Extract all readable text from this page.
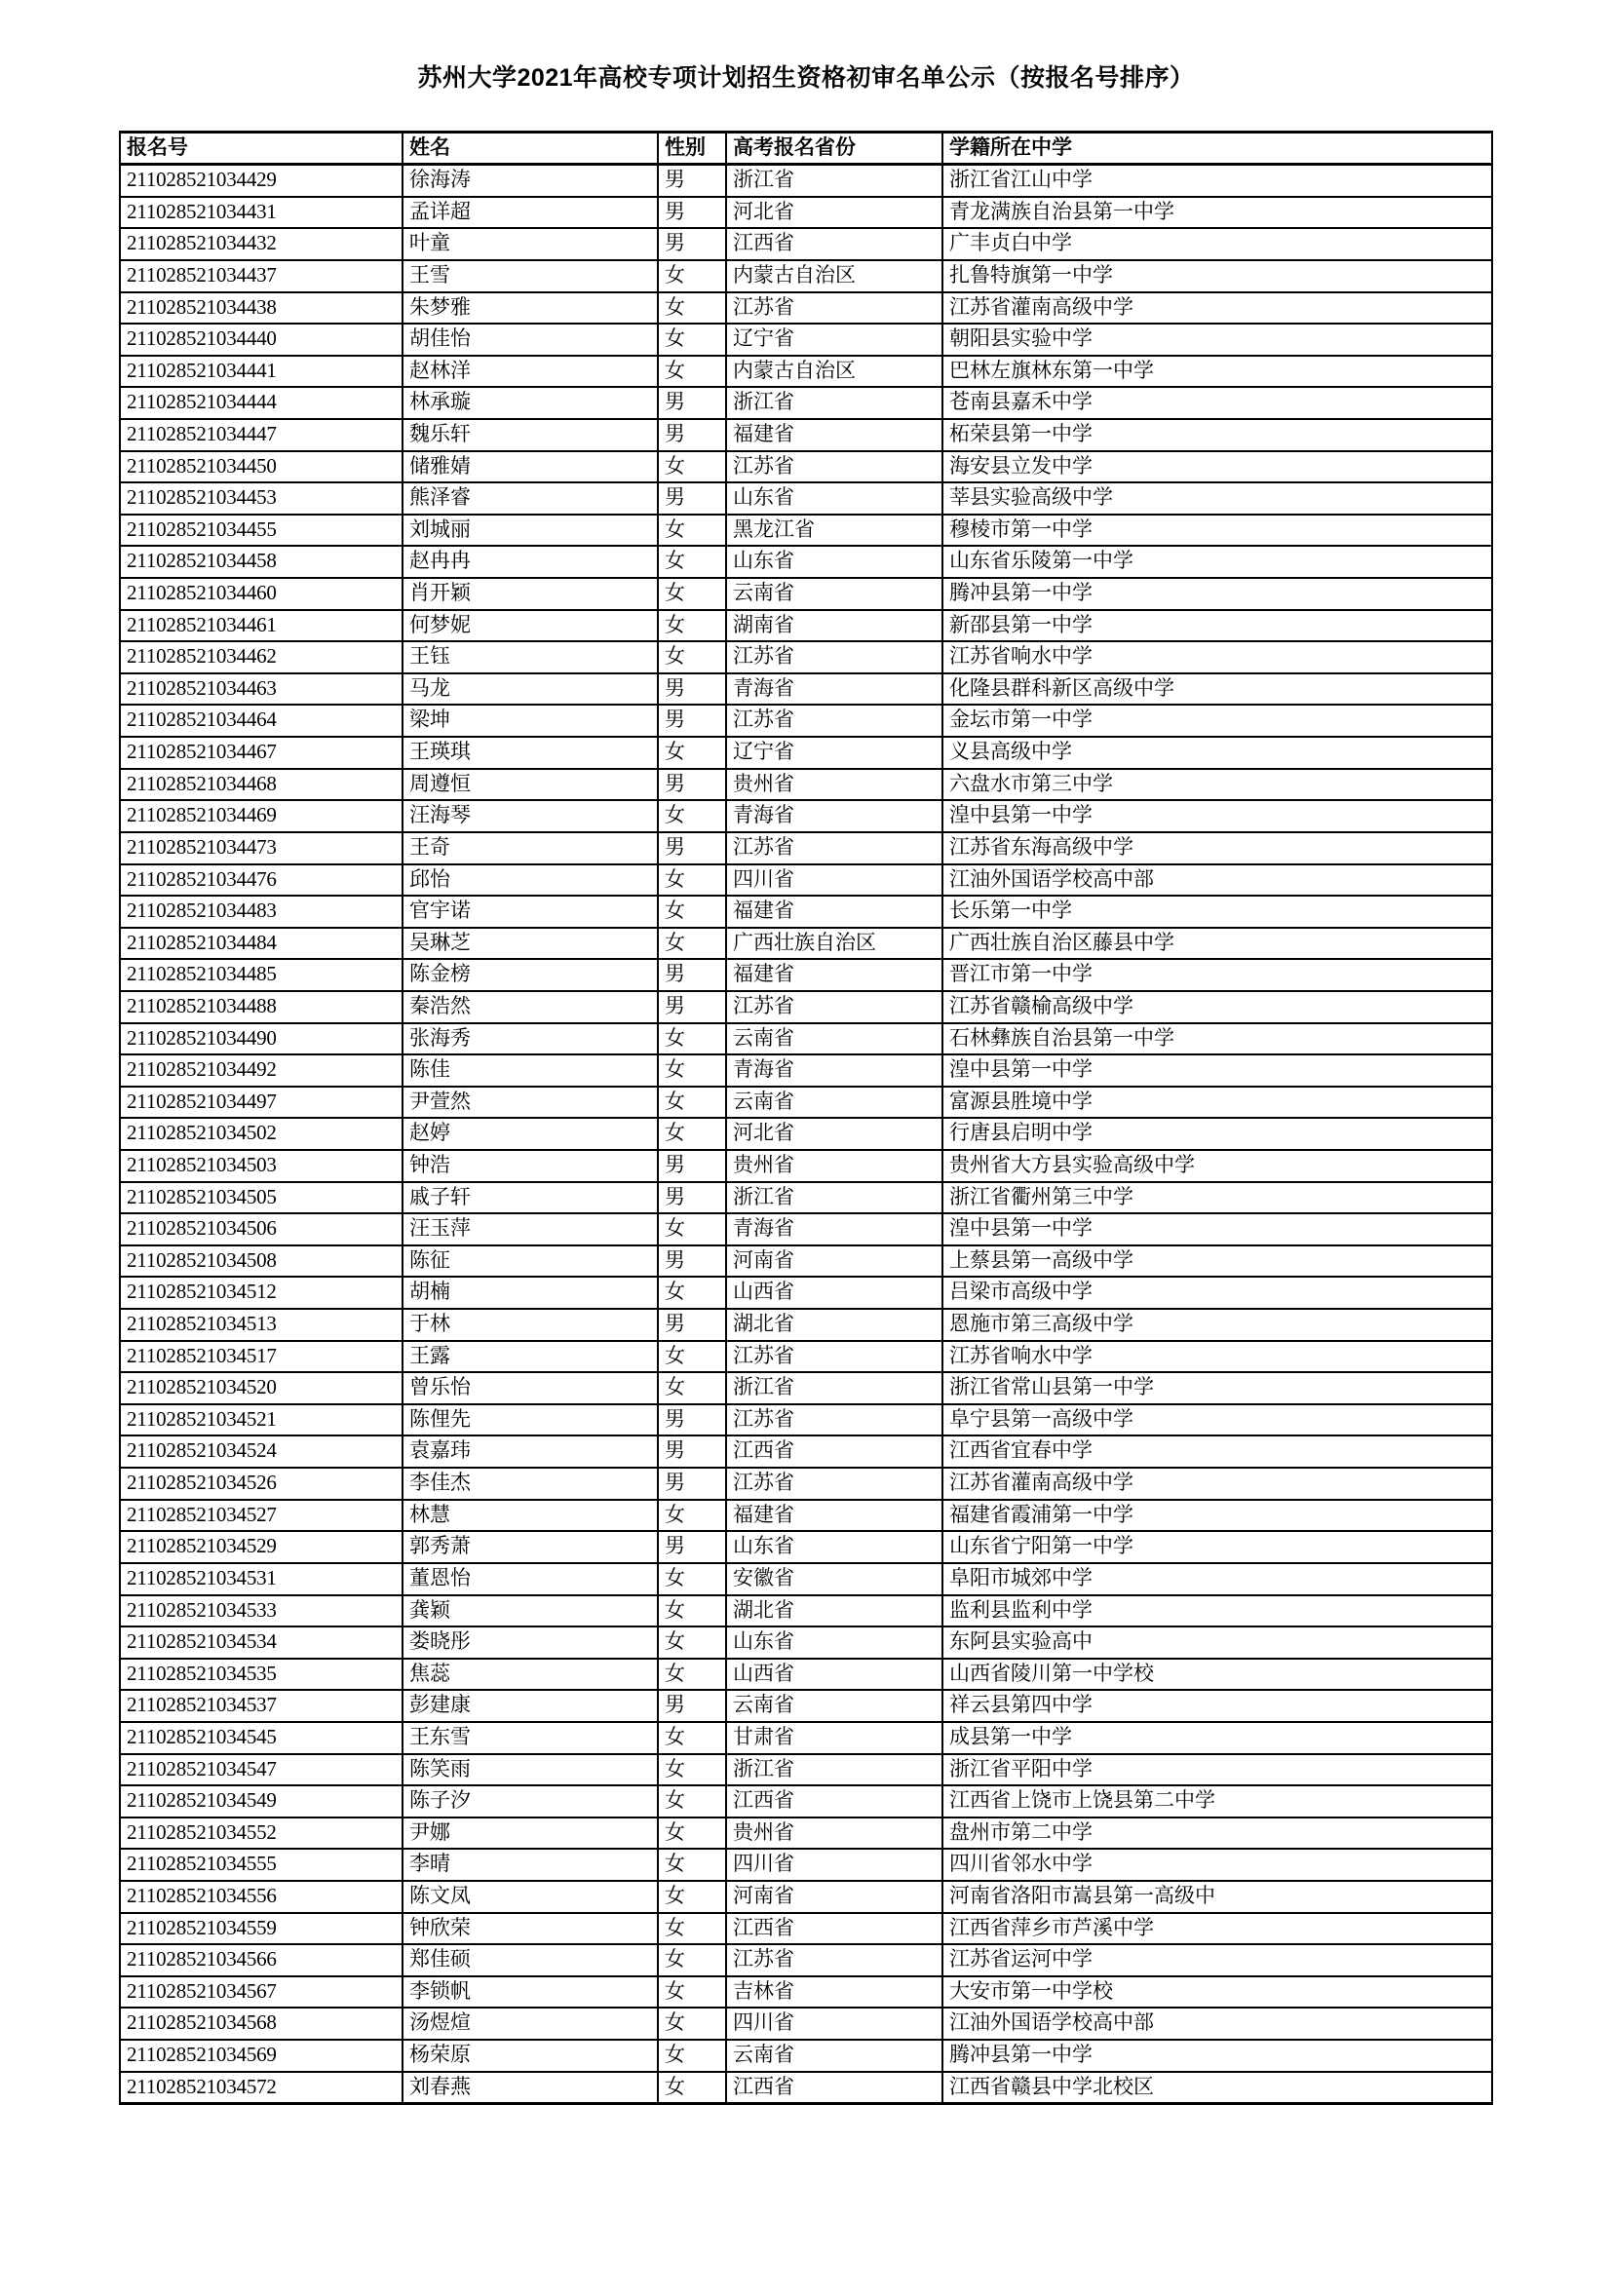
苏州大学2021年高校专项计划招生资格初审名单公示（按报名号排序）
报名号	姓名	性别	高考报名省份	学籍所在中学
211028521034429	徐海涛	男	浙江省	浙江省江山中学
211028521034431	孟详超	男	河北省	青龙满族自治县第一中学
211028521034432	叶童	男	江西省	广丰贞白中学
211028521034437	王雪	女	内蒙古自治区	扎鲁特旗第一中学
211028521034438	朱梦雅	女	江苏省	江苏省灌南高级中学
211028521034440	胡佳怡	女	辽宁省	朝阳县实验中学
211028521034441	赵林洋	女	内蒙古自治区	巴林左旗林东第一中学
211028521034444	林承璇	男	浙江省	苍南县嘉禾中学
211028521034447	魏乐轩	男	福建省	柘荣县第一中学
211028521034450	储雅婧	女	江苏省	海安县立发中学
211028521034453	熊泽睿	男	山东省	莘县实验高级中学
211028521034455	刘城丽	女	黑龙江省	穆棱市第一中学
211028521034458	赵冉冉	女	山东省	山东省乐陵第一中学
211028521034460	肖开颖	女	云南省	腾冲县第一中学
211028521034461	何梦妮	女	湖南省	新邵县第一中学
211028521034462	王钰	女	江苏省	江苏省响水中学
211028521034463	马龙	男	青海省	化隆县群科新区高级中学
211028521034464	梁坤	男	江苏省	金坛市第一中学
211028521034467	王瑛琪	女	辽宁省	义县高级中学
211028521034468	周遵恒	男	贵州省	六盘水市第三中学
211028521034469	汪海琴	女	青海省	湟中县第一中学
211028521034473	王奇	男	江苏省	江苏省东海高级中学
211028521034476	邱怡	女	四川省	江油外国语学校高中部
211028521034483	官宇诺	女	福建省	长乐第一中学
211028521034484	吴琳芝	女	广西壮族自治区	广西壮族自治区藤县中学
211028521034485	陈金榜	男	福建省	晋江市第一中学
211028521034488	秦浩然	男	江苏省	江苏省赣榆高级中学
211028521034490	张海秀	女	云南省	石林彝族自治县第一中学
211028521034492	陈佳	女	青海省	湟中县第一中学
211028521034497	尹萱然	女	云南省	富源县胜境中学
211028521034502	赵婷	女	河北省	行唐县启明中学
211028521034503	钟浩	男	贵州省	贵州省大方县实验高级中学
211028521034505	戚子轩	男	浙江省	浙江省衢州第三中学
211028521034506	汪玉萍	女	青海省	湟中县第一中学
211028521034508	陈征	男	河南省	上蔡县第一高级中学
211028521034512	胡楠	女	山西省	吕梁市高级中学
211028521034513	于林	男	湖北省	恩施市第三高级中学
211028521034517	王露	女	江苏省	江苏省响水中学
211028521034520	曾乐怡	女	浙江省	浙江省常山县第一中学
211028521034521	陈俚先	男	江苏省	阜宁县第一高级中学
211028521034524	袁嘉玮	男	江西省	江西省宜春中学
211028521034526	李佳杰	男	江苏省	江苏省灌南高级中学
211028521034527	林慧	女	福建省	福建省霞浦第一中学
211028521034529	郭秀萧	男	山东省	山东省宁阳第一中学
211028521034531	董恩怡	女	安徽省	阜阳市城郊中学
211028521034533	龚颖	女	湖北省	监利县监利中学
211028521034534	娄晓彤	女	山东省	东阿县实验高中
211028521034535	焦蕊	女	山西省	山西省陵川第一中学校
211028521034537	彭建康	男	云南省	祥云县第四中学
211028521034545	王东雪	女	甘肃省	成县第一中学
211028521034547	陈笑雨	女	浙江省	浙江省平阳中学
211028521034549	陈子汐	女	江西省	江西省上饶市上饶县第二中学
211028521034552	尹娜	女	贵州省	盘州市第二中学
211028521034555	李晴	女	四川省	四川省邻水中学
211028521034556	陈文凤	女	河南省	河南省洛阳市嵩县第一高级中
211028521034559	钟欣荣	女	江西省	江西省萍乡市芦溪中学
211028521034566	郑佳硕	女	江苏省	江苏省运河中学
211028521034567	李锁帆	女	吉林省	大安市第一中学校
211028521034568	汤煜煊	女	四川省	江油外国语学校高中部
211028521034569	杨荣原	女	云南省	腾冲县第一中学
211028521034572	刘春燕	女	江西省	江西省赣县中学北校区
